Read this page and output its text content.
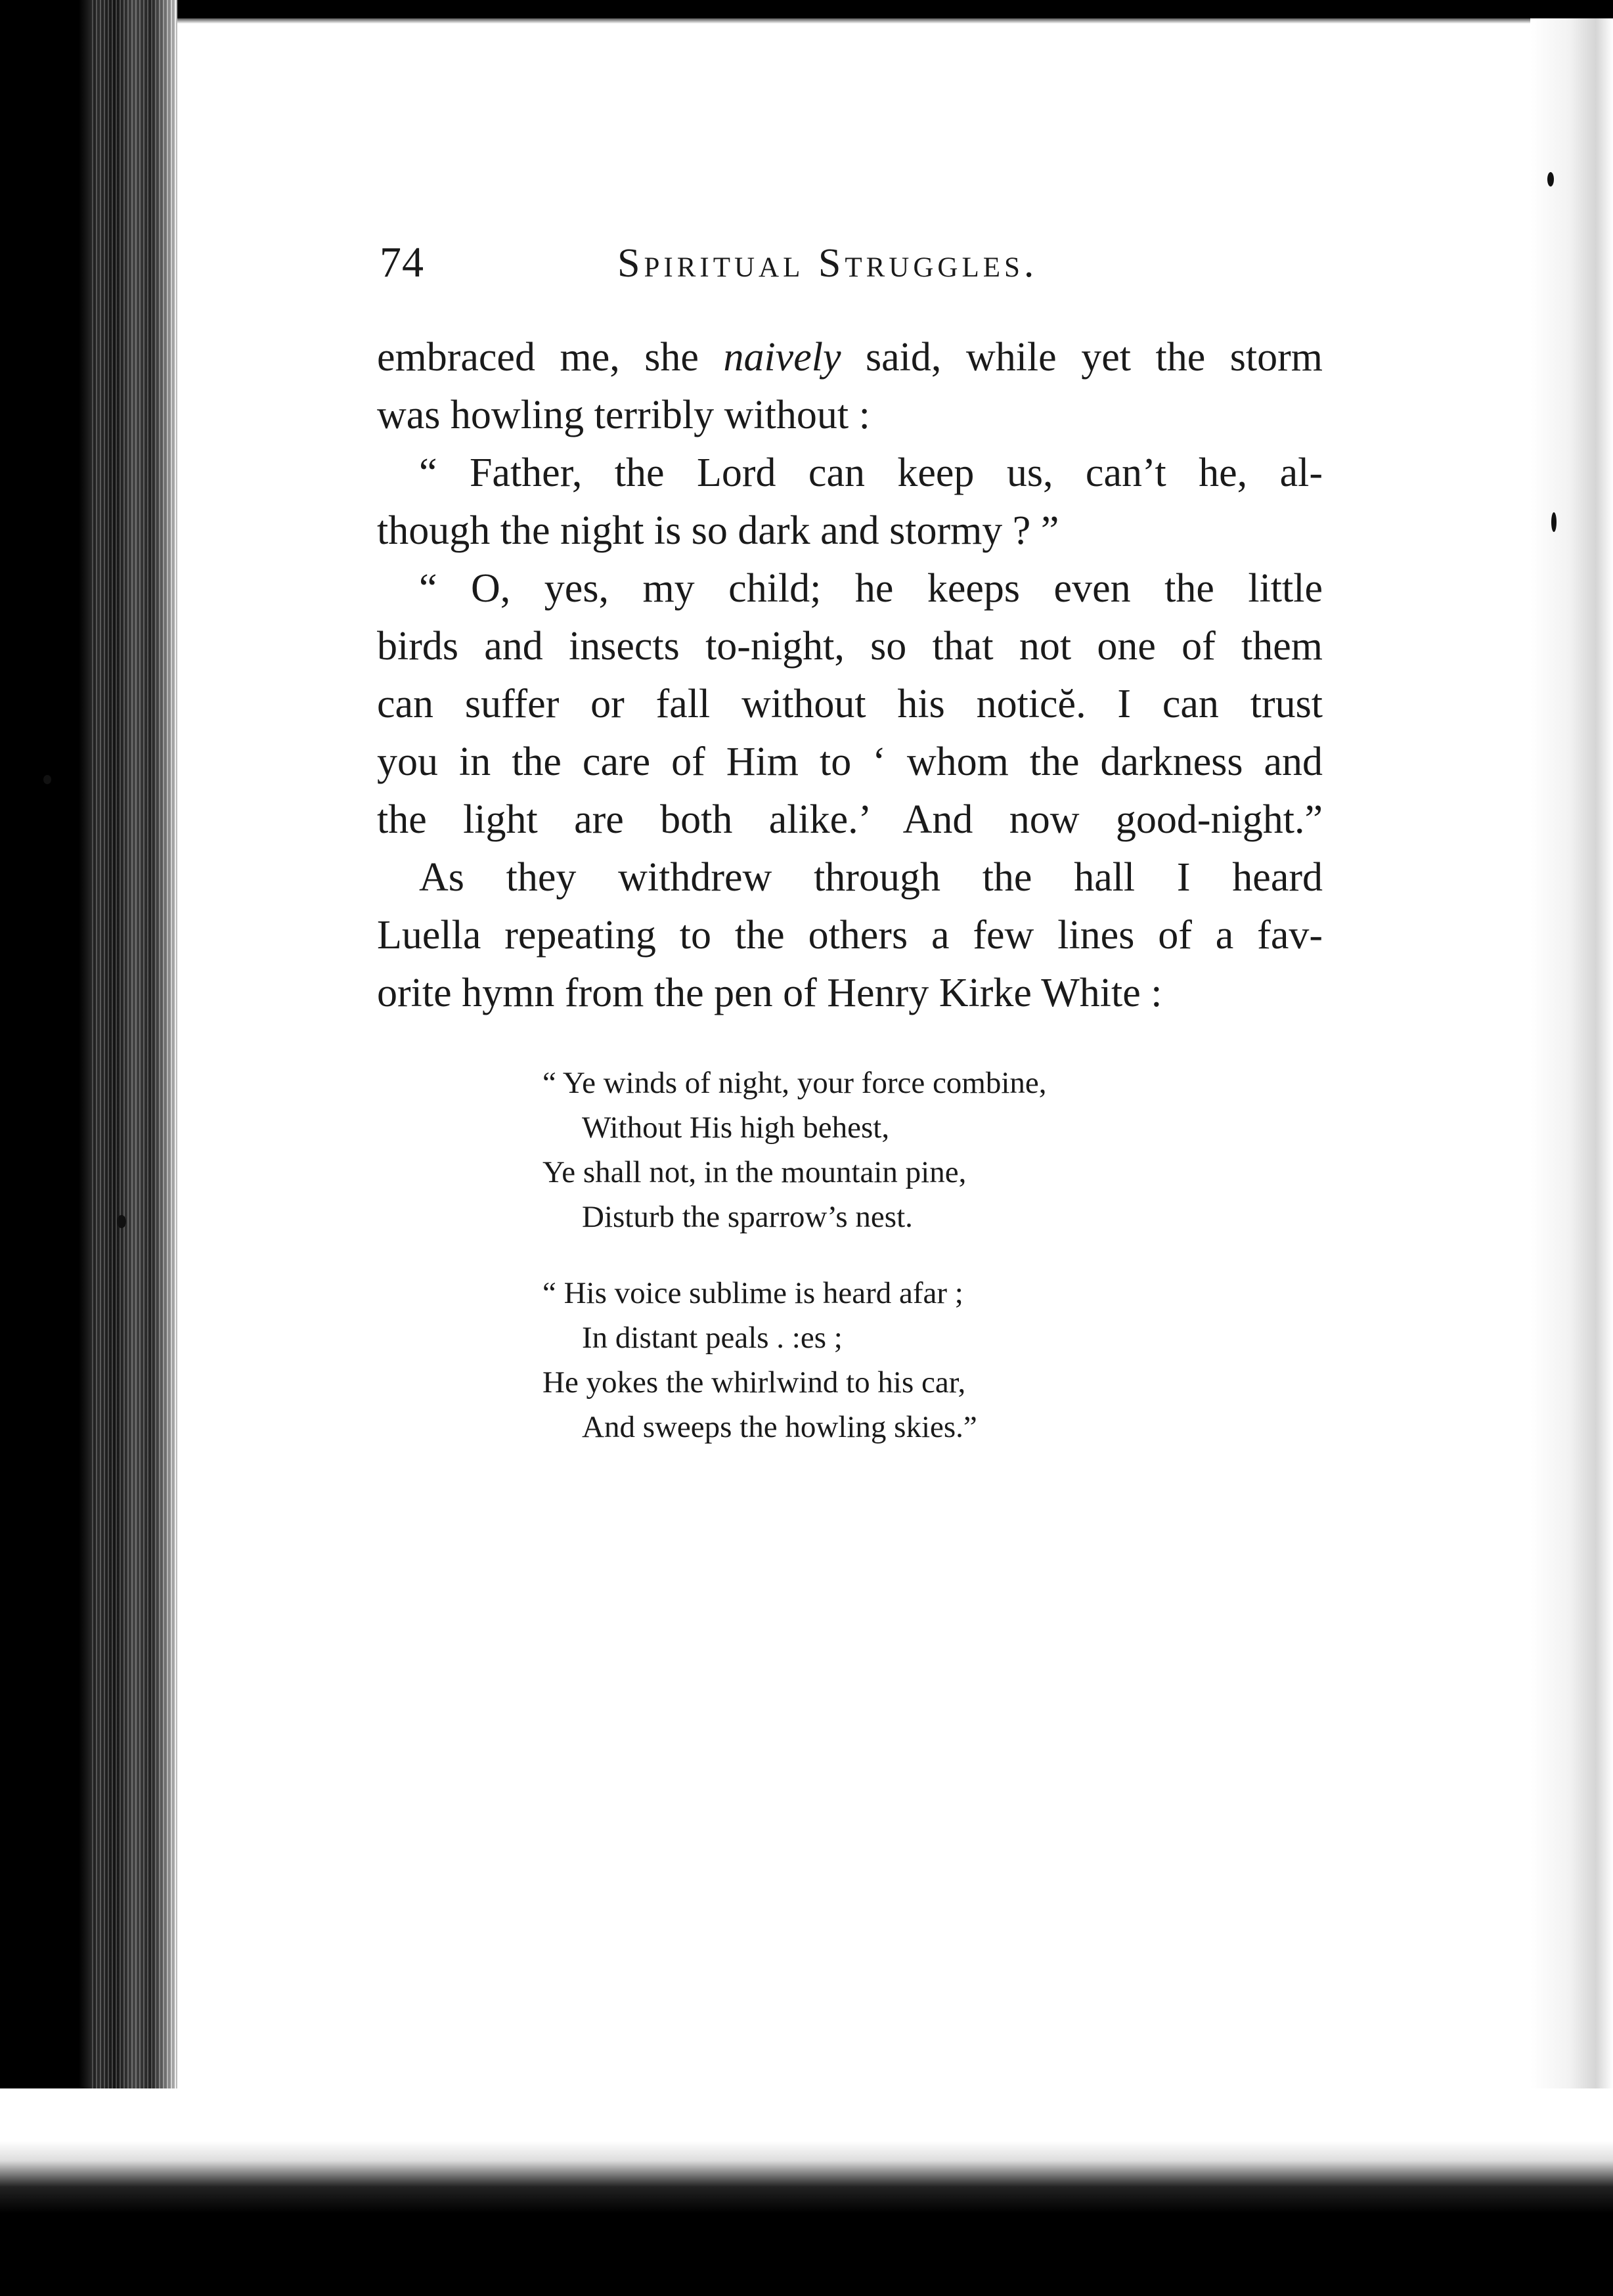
74	Spiritual Struggles.
embraced me, she naively said, while yet the storm
was howling terribly without :
“ Father, the Lord can keep us, can’t he, al-
though the night is so dark and stormy ? ”
“ O, yes, my child; he keeps even the little
birds and insects to-night, so that not one of them
can suffer or fall without his noticĕ. I can trust
you in the care of Him to ‘ whom the darkness and
the light are both alike.’ And now good-night.”
As they withdrew through the hall I heard
Luella repeating to the others a few lines of a fav-
orite hymn from the pen of Henry Kirke White :
“ Ye winds of night, your force combine,
Without His high behest,
Ye shall not, in the mountain pine,
Disturb the sparrow’s nest.
“ His voice sublime is heard afar ;
In distant peals . :es ;
He yokes the whirlwind to his car,
And sweeps the howling skies.”
